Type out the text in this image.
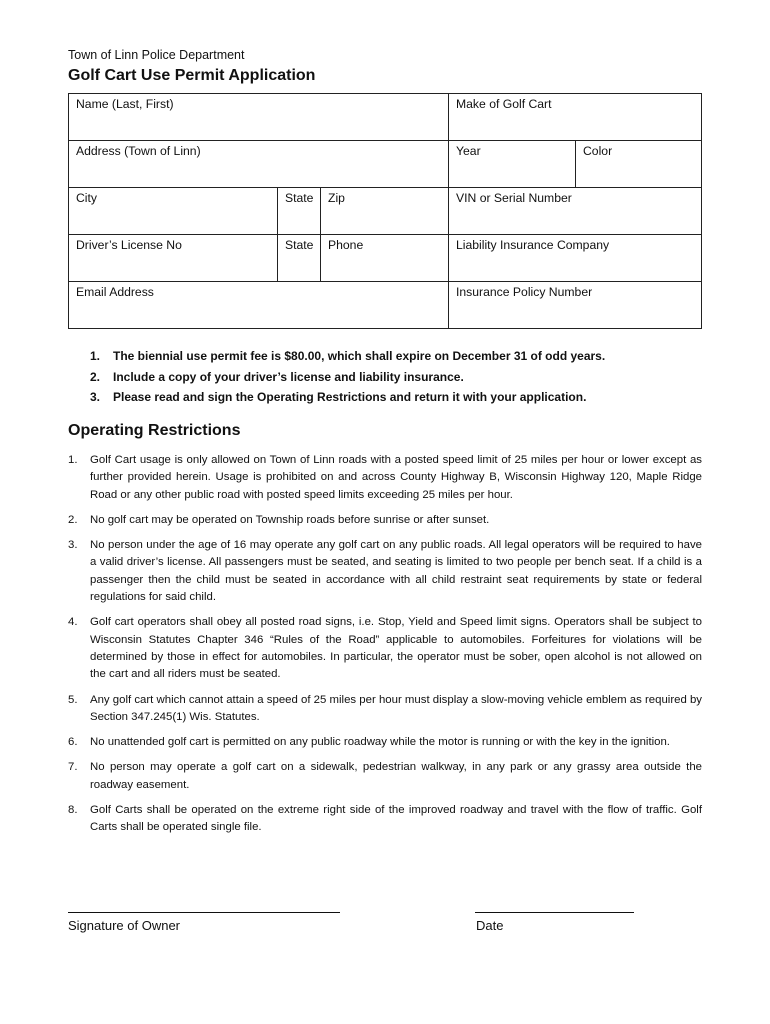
Town of Linn Police Department
Golf Cart Use Permit Application
Name (Last, First)	Make of Golf Cart
Address (Town of Linn)	Year	Color
City	State	Zip	VIN or Serial Number
Driver’s License No	State	Phone	Liability Insurance Company
Email Address	Insurance Policy Number
1. The biennial use permit fee is $80.00, which shall expire on December 31 of odd years.
2. Include a copy of your driver’s license and liability insurance.
3. Please read and sign the Operating Restrictions and return it with your application.
Operating Restrictions
1. Golf Cart usage is only allowed on Town of Linn roads with a posted speed limit of 25 miles per hour or lower except as further provided herein. Usage is prohibited on and across County Highway B, Wisconsin Highway 120, Maple Ridge Road or any other public road with posted speed limits exceeding 25 miles per hour.
2. No golf cart may be operated on Township roads before sunrise or after sunset.
3. No person under the age of 16 may operate any golf cart on any public roads. All legal operators will be required to have a valid driver’s license. All passengers must be seated, and seating is limited to two people per bench seat. If a child is a passenger then the child must be seated in accordance with all child restraint seat requirements by state or federal regulations for said child.
4. Golf cart operators shall obey all posted road signs, i.e. Stop, Yield and Speed limit signs. Operators shall be subject to Wisconsin Statutes Chapter 346 “Rules of the Road” applicable to automobiles. Forfeitures for violations will be determined by those in effect for automobiles. In particular, the operator must be sober, open alcohol is not allowed on the cart and all riders must be seated.
5. Any golf cart which cannot attain a speed of 25 miles per hour must display a slow-moving vehicle emblem as required by Section 347.245(1) Wis. Statutes.
6. No unattended golf cart is permitted on any public roadway while the motor is running or with the key in the ignition.
7. No person may operate a golf cart on a sidewalk, pedestrian walkway, in any park or any grassy area outside the roadway easement.
8. Golf Carts shall be operated on the extreme right side of the improved roadway and travel with the flow of traffic. Golf Carts shall be operated single file.
Signature of Owner	Date
